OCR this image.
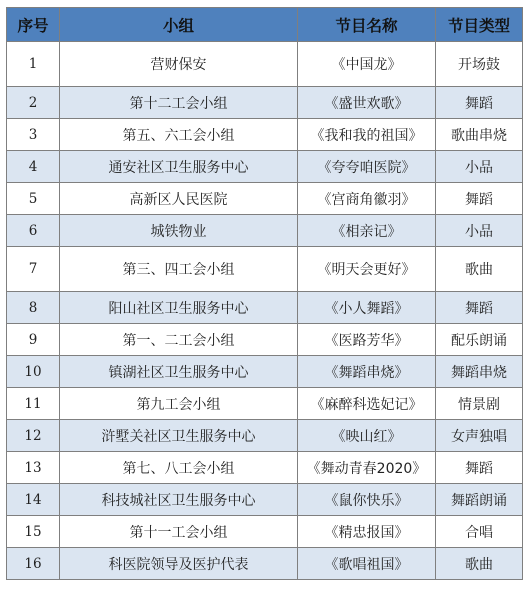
序号	小组	节目名称	节目类型
1	营财保安	《中国龙》	开场鼓
2	第十二工会小组	《盛世欢歌》	舞蹈
3	第五、六工会小组	《我和我的祖国》	歌曲串烧
4	通安社区卫生服务中心	《夸夸咱医院》	小品
5	高新区人民医院	《宫商角徽羽》	舞蹈
6	城铁物业	《相亲记》	小品
7	第三、四工会小组	《明天会更好》	歌曲
8	阳山社区卫生服务中心	《小人舞蹈》	舞蹈
9	第一、二工会小组	《医路芳华》	配乐朗诵
10	镇湖社区卫生服务中心	《舞蹈串烧》	舞蹈串烧
11	第九工会小组	《麻醉科选妃记》	情景剧
12	浒墅关社区卫生服务中心	《映山红》	女声独唱
13	第七、八工会小组	《舞动青春2020》	舞蹈
14	科技城社区卫生服务中心	《鼠你快乐》	舞蹈朗诵
15	第十一工会小组	《精忠报国》	合唱
16	科医院领导及医护代表	《歌唱祖国》	歌曲
